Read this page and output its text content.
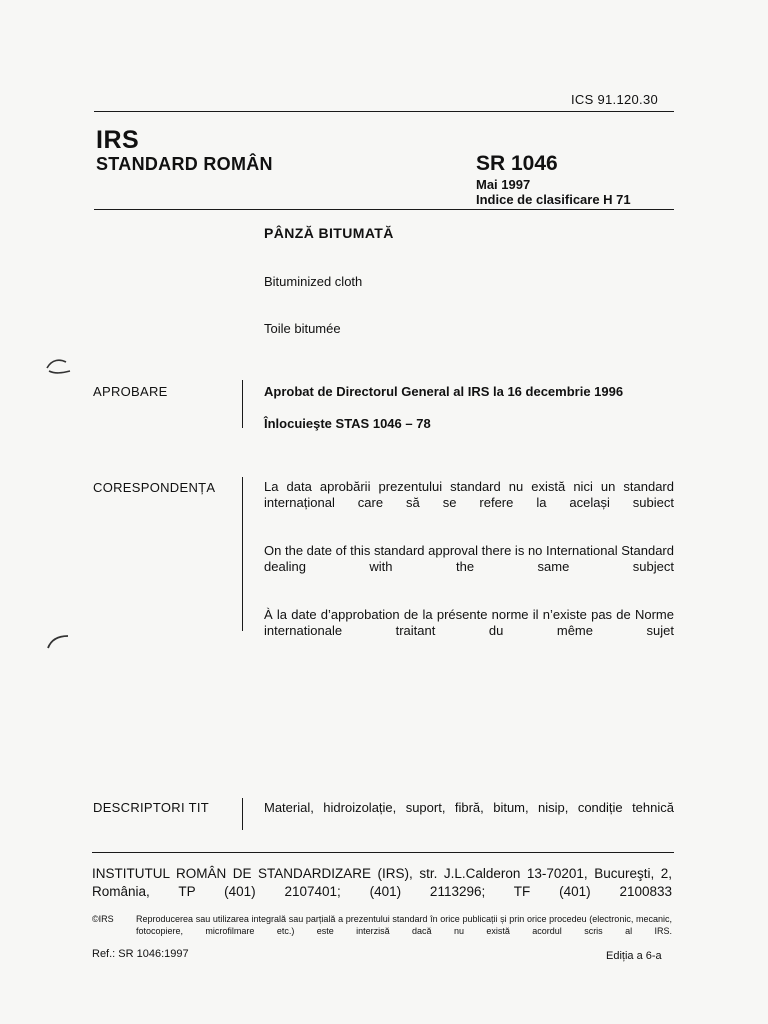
ICS 91.120.30
IRS
STANDARD ROMÂN	SR 1046
Mai 1997
Indice de clasificare H 71
PÂNZĂ BITUMATĂ
Bituminized cloth
Toile bitumée
APROBARE	Aprobat de Directorul General al IRS la 16 decembrie 1996
Înlocuieşte STAS 1046 – 78
CORESPONDENȚA	La data aprobării prezentului standard nu există nici un standard internațional care să se refere la același subiect
On the date of this standard approval there is no International Standard dealing with the same subject
À la date d’approbation de la présente norme il n’existe pas de Norme internationale traitant du même sujet
DESCRIPTORI TIT	Material, hidroizolație, suport, fibră, bitum, nisip, condiție tehnică
INSTITUTUL ROMÂN DE STANDARDIZARE (IRS), str. J.L.Calderon 13-70201, Bucureşti, 2, România, TP (401) 2107401; (401) 2113296; TF (401) 2100833
©IRS Reproducerea sau utilizarea integrală sau parțială a prezentului standard în orice publicații și prin orice procedeu (electronic, mecanic, fotocopiere, microfilmare etc.) este interzisă dacă nu există acordul scris al IRS.
Ref.: SR 1046:1997	Ediția a 6-a
